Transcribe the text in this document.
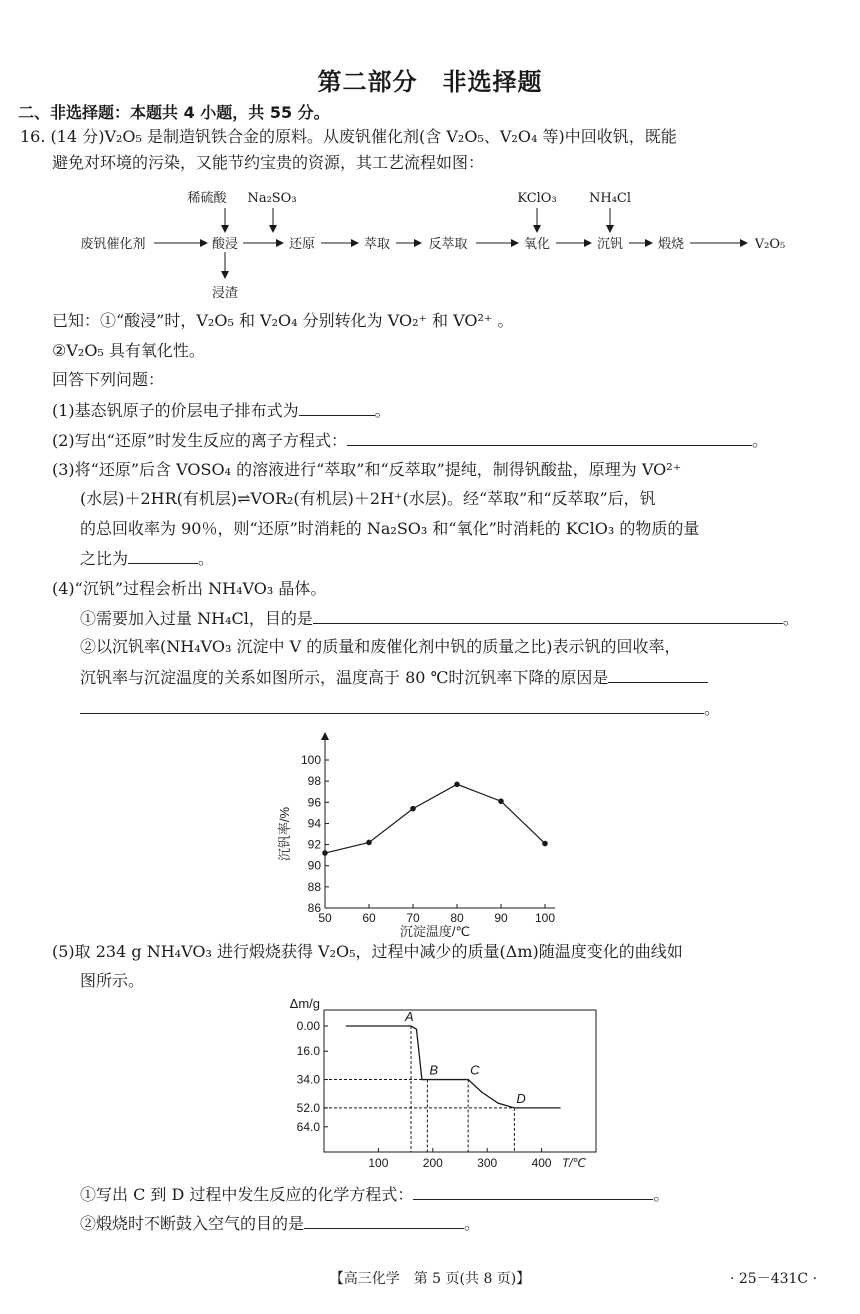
第二部分　非选择题
二、非选择题：本题共 4 小题，共 55 分。
16. (14 分)V₂O₅ 是制造钒铁合金的原料。从废钒催化剂(含 V₂O₅、V₂O₄ 等)中回收钒，既能
避免对环境的污染，又能节约宝贵的资源，其工艺流程如图：
稀硫酸 Na₂SO₃	KClO₃ NH₄Cl
废钒催化剂	酸浸	还原	萃取	反萃取	氧化	沉钒	煅烧	V₂O₅
浸渣
已知：①“酸浸”时，V₂O₅ 和 V₂O₄ 分别转化为 VO₂⁺ 和 VO²⁺ 。
②V₂O₅ 具有氧化性。
回答下列问题：
(1)基态钒原子的价层电子排布式为	。
(2)写出“还原”时发生反应的离子方程式：	。
(3)将“还原”后含 VOSO₄ 的溶液进行“萃取”和“反萃取”提纯，制得钒酸盐，原理为 VO²⁺
(水层)＋2HR(有机层)⇌VOR₂(有机层)＋2H⁺(水层)。经“萃取”和“反萃取”后，钒
的总回收率为 90％，则“还原”时消耗的 Na₂SO₃ 和“氧化”时消耗的 KClO₃ 的物质的量
之比为	。
(4)“沉钒”过程会析出 NH₄VO₃ 晶体。
①需要加入过量 NH₄Cl，目的是	。
②以沉钒率(NH₄VO₃ 沉淀中 V 的质量和废催化剂中钒的质量之比)表示钒的回收率，
沉钒率与沉淀温度的关系如图所示，温度高于 80 ℃时沉钒率下降的原因是
。
86
88
90
92
94
96
98
100
50	60	70	80	90 100
沉淀温度/℃
沉钒率/%
(5)取 234 g NH₄VO₃ 进行煅烧获得 V₂O₅，过程中减少的质量(Δm)随温度变化的曲线如
图所示。
Δm/g
0.00
16.0
34.0
52.0
64.0
100	200	300	400 T/℃
A
B C
D
①写出 C 到 D 过程中发生反应的化学方程式：	。
②煅烧时不断鼓入空气的目的是	。
【高三化学　第 5 页(共 8 页)】	· 25－431C ·
